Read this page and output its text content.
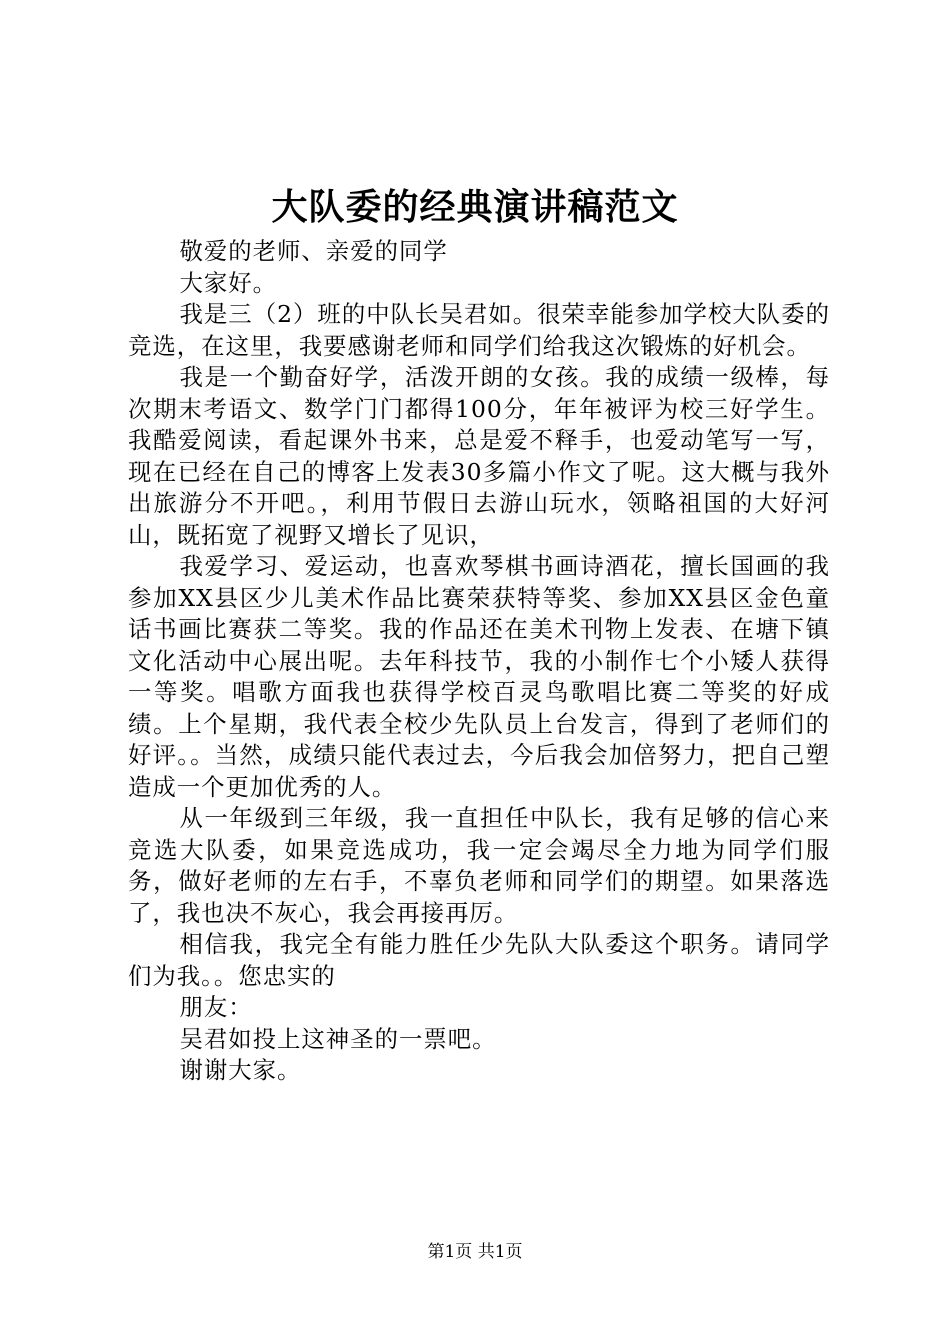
大队委的经典演讲稿范文

敬爱的老师、亲爱的同学

大家好。

我是三（2）班的中队长吴君如。很荣幸能参加学校大队委的竞选，在这里，我要感谢老师和同学们给我这次锻炼的好机会。

我是一个勤奋好学，活泼开朗的女孩。我的成绩一级棒，每次期末考语文、数学门门都得100分，年年被评为校三好学生。我酷爱阅读，看起课外书来，总是爱不释手，也爱动笔写一写，现在已经在自己的博客上发表30多篇小作文了呢。这大概与我外出旅游分不开吧。，利用节假日去游山玩水，领略祖国的大好河山，既拓宽了视野又增长了见识，

我爱学习、爱运动，也喜欢琴棋书画诗酒花，擅长国画的我参加XX县区少儿美术作品比赛荣获特等奖、参加XX县区金色童话书画比赛获二等奖。我的作品还在美术刊物上发表、在塘下镇文化活动中心展出呢。去年科技节，我的小制作七个小矮人获得一等奖。唱歌方面我也获得学校百灵鸟歌唱比赛二等奖的好成绩。上个星期，我代表全校少先队员上台发言，得到了老师们的好评。。当然，成绩只能代表过去，今后我会加倍努力，把自己塑造成一个更加优秀的人。

从一年级到三年级，我一直担任中队长，我有足够的信心来竞选大队委，如果竞选成功，我一定会竭尽全力地为同学们服务，做好老师的左右手，不辜负老师和同学们的期望。如果落选了，我也决不灰心，我会再接再厉。

相信我，我完全有能力胜任少先队大队委这个职务。请同学们为我。。您忠实的

朋友：

吴君如投上这神圣的一票吧。

谢谢大家。

第1页 共1页
